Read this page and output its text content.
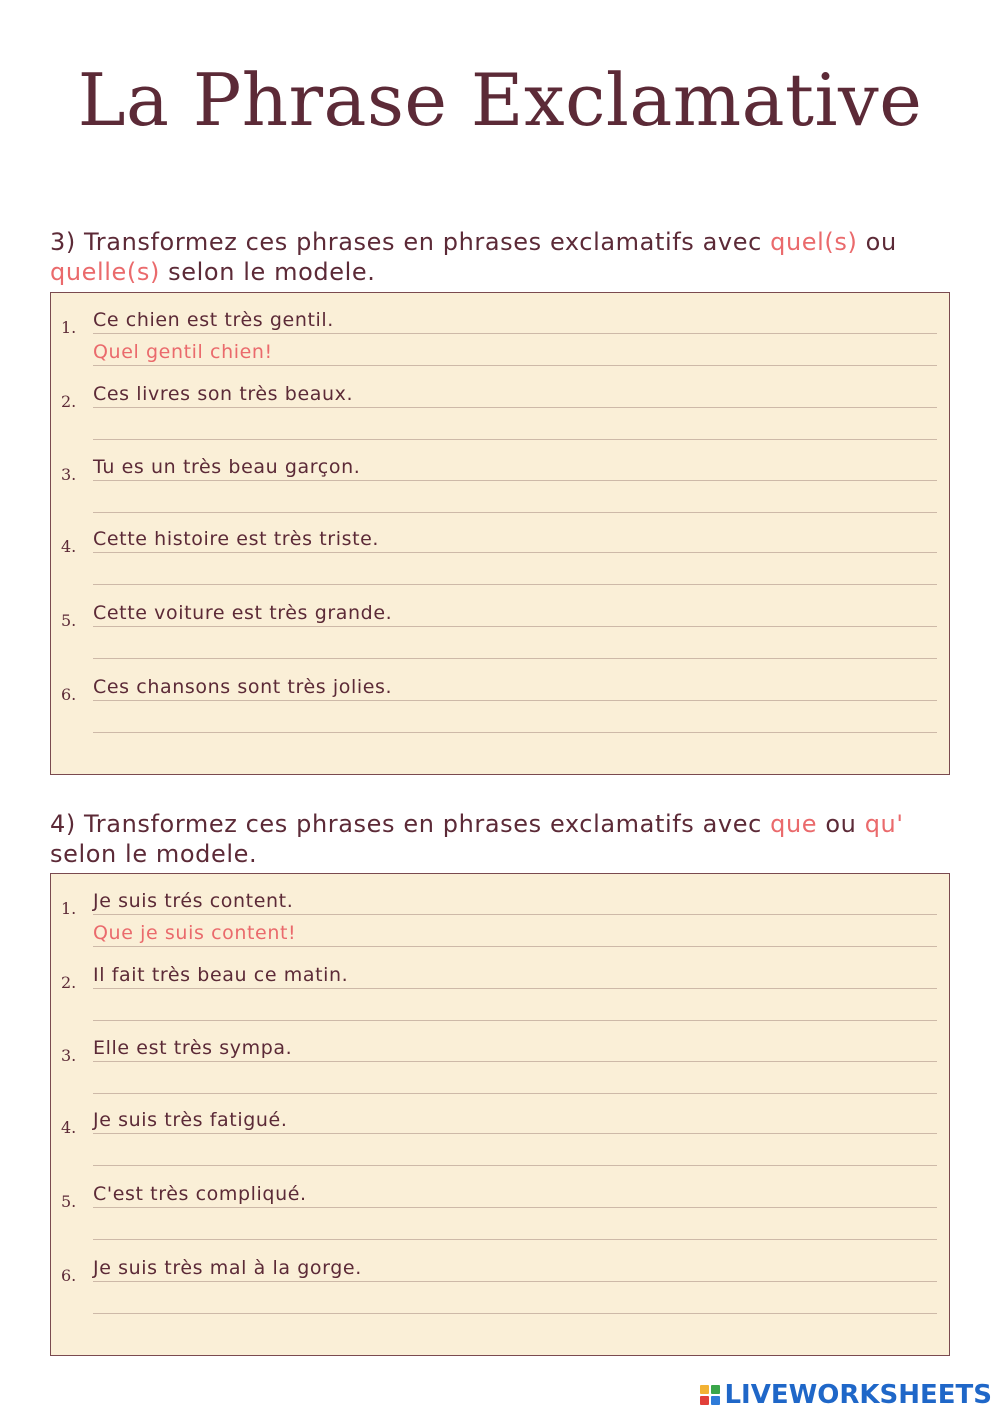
La Phrase Exclamative
3) Transformez ces phrases en phrases exclamatifs avec quel(s) ou
quelle(s) selon le modele.
1. Ce chien est très gentil.
Quel gentil chien!
2. Ces livres son très beaux.
3. Tu es un très beau garçon.
4. Cette histoire est très triste.
5. Cette voiture est très grande.
6. Ces chansons sont très jolies.
4) Transformez ces phrases en phrases exclamatifs avec que ou qu'
selon le modele.
1. Je suis trés content.
Que je suis content!
2. Il fait très beau ce matin.
3. Elle est très sympa.
4. Je suis très fatigué.
5. C'est très compliqué.
6. Je suis très mal à la gorge.
LIVEWORKSHEETS
